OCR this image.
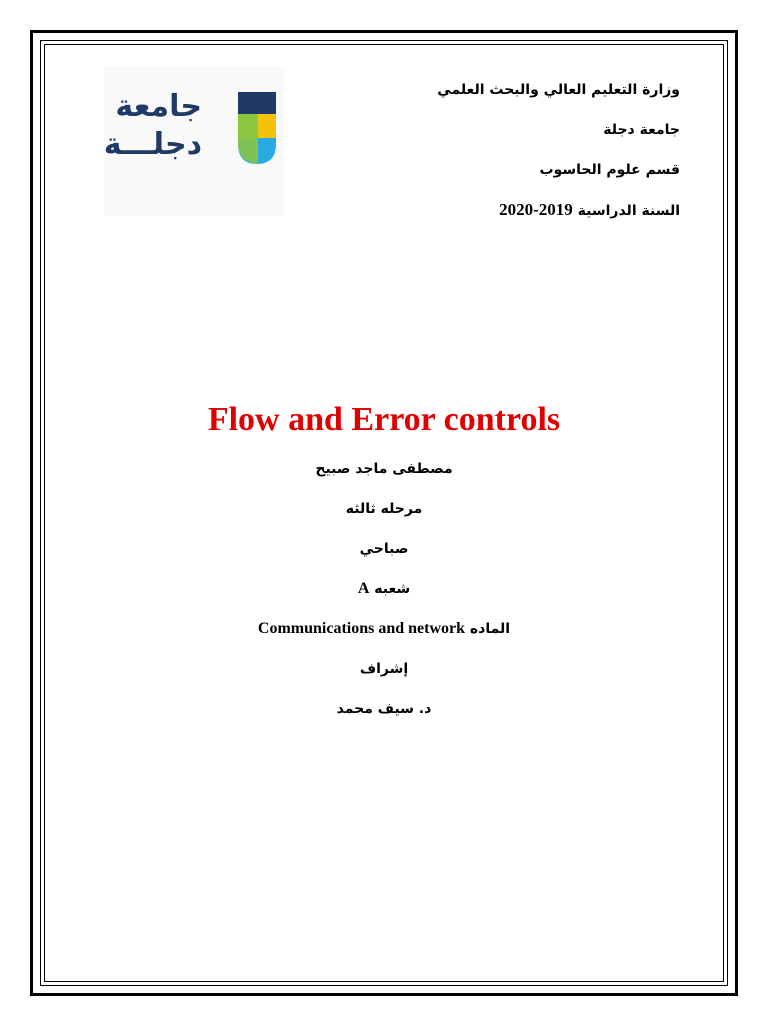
جامعة
دجلـــة
وزارة التعليم العالي والبحث العلمي
جامعة دجلة
قسم علوم الحاسوب
السنة الدراسية 2020-2019
Flow and Error controls
مصطفى ماجد صبيح
مرحله ثالثه
صباحي
شعبه A
الماده Communications and network
إشراف
د. سيف محمد
